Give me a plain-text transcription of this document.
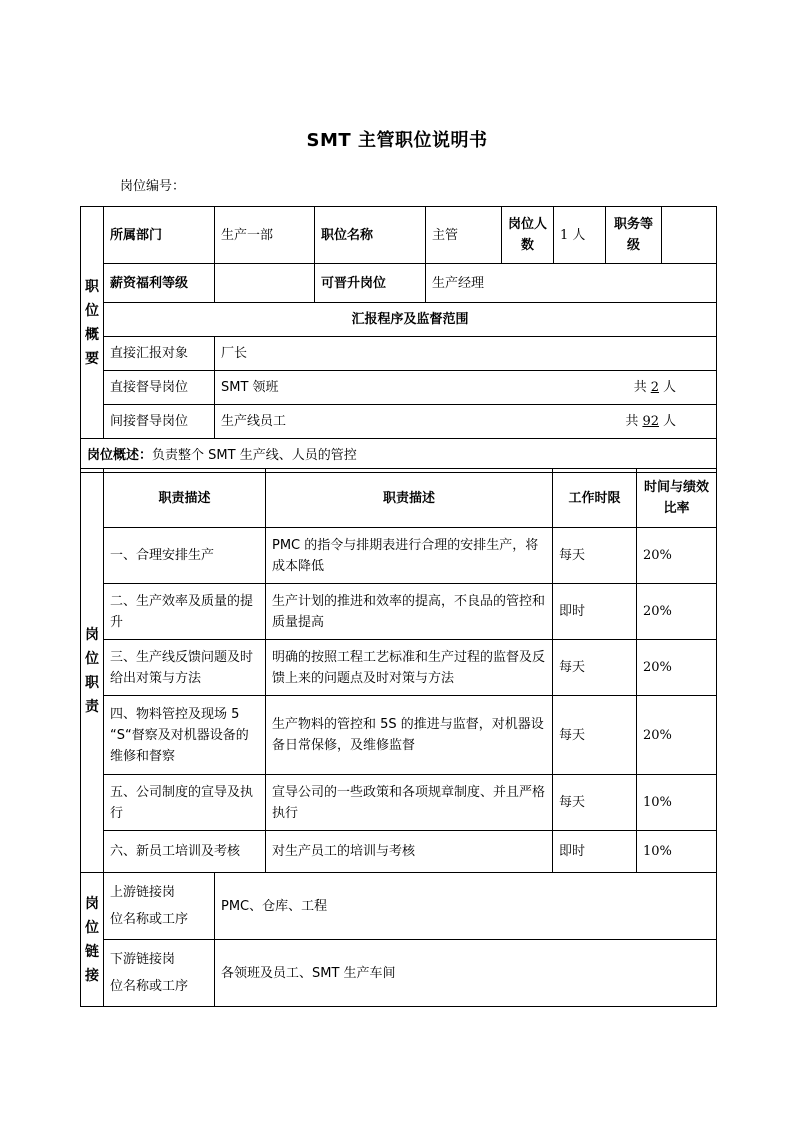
SMT 主管职位说明书
岗位编号：
职
位
概
要	所属部门	生产一部	职位名称	主管	岗位人数	1 人	职务等级	
	薪资福利等级		可晋升岗位	生产经理				
	汇报程序及监督范围							
	直接汇报对象	厂长						
	直接督导岗位	SMT 领班 共 2 人						

	间接督导岗位	生产线员工 共 92 人						

岗位概述：负责整个 SMT 生产线、人员的管控								
岗
位
职
责	职责描述	职责描述	工作时限	时间与绩效比率
	一、合理安排生产	PMC 的指令与排期表进行合理的安排生产，将成本降低	每天	20%
	二、生产效率及质量的提升	生产计划的推进和效率的提高，不良品的管控和质量提高	即时	20%
	三、生产线反馈问题及时给出对策与方法	明确的按照工程工艺标准和生产过程的监督及反馈上来的问题点及时对策与方法	每天	20%
	四、物料管控及现场 5 “S“督察及对机器设备的维修和督察	生产物料的管控和 5S 的推进与监督，对机器设备日常保修，及维修监督	每天	20%
	五、公司制度的宣导及执行	宣导公司的一些政策和各项规章制度、并且严格执行	每天	10%
	六、新员工培训及考核	对生产员工的培训与考核	即时	10%
岗
位
链
接	上游链接岗
位名称或工序	PMC、仓库、工程
	下游链接岗
位名称或工序	各领班及员工、SMT 生产车间
